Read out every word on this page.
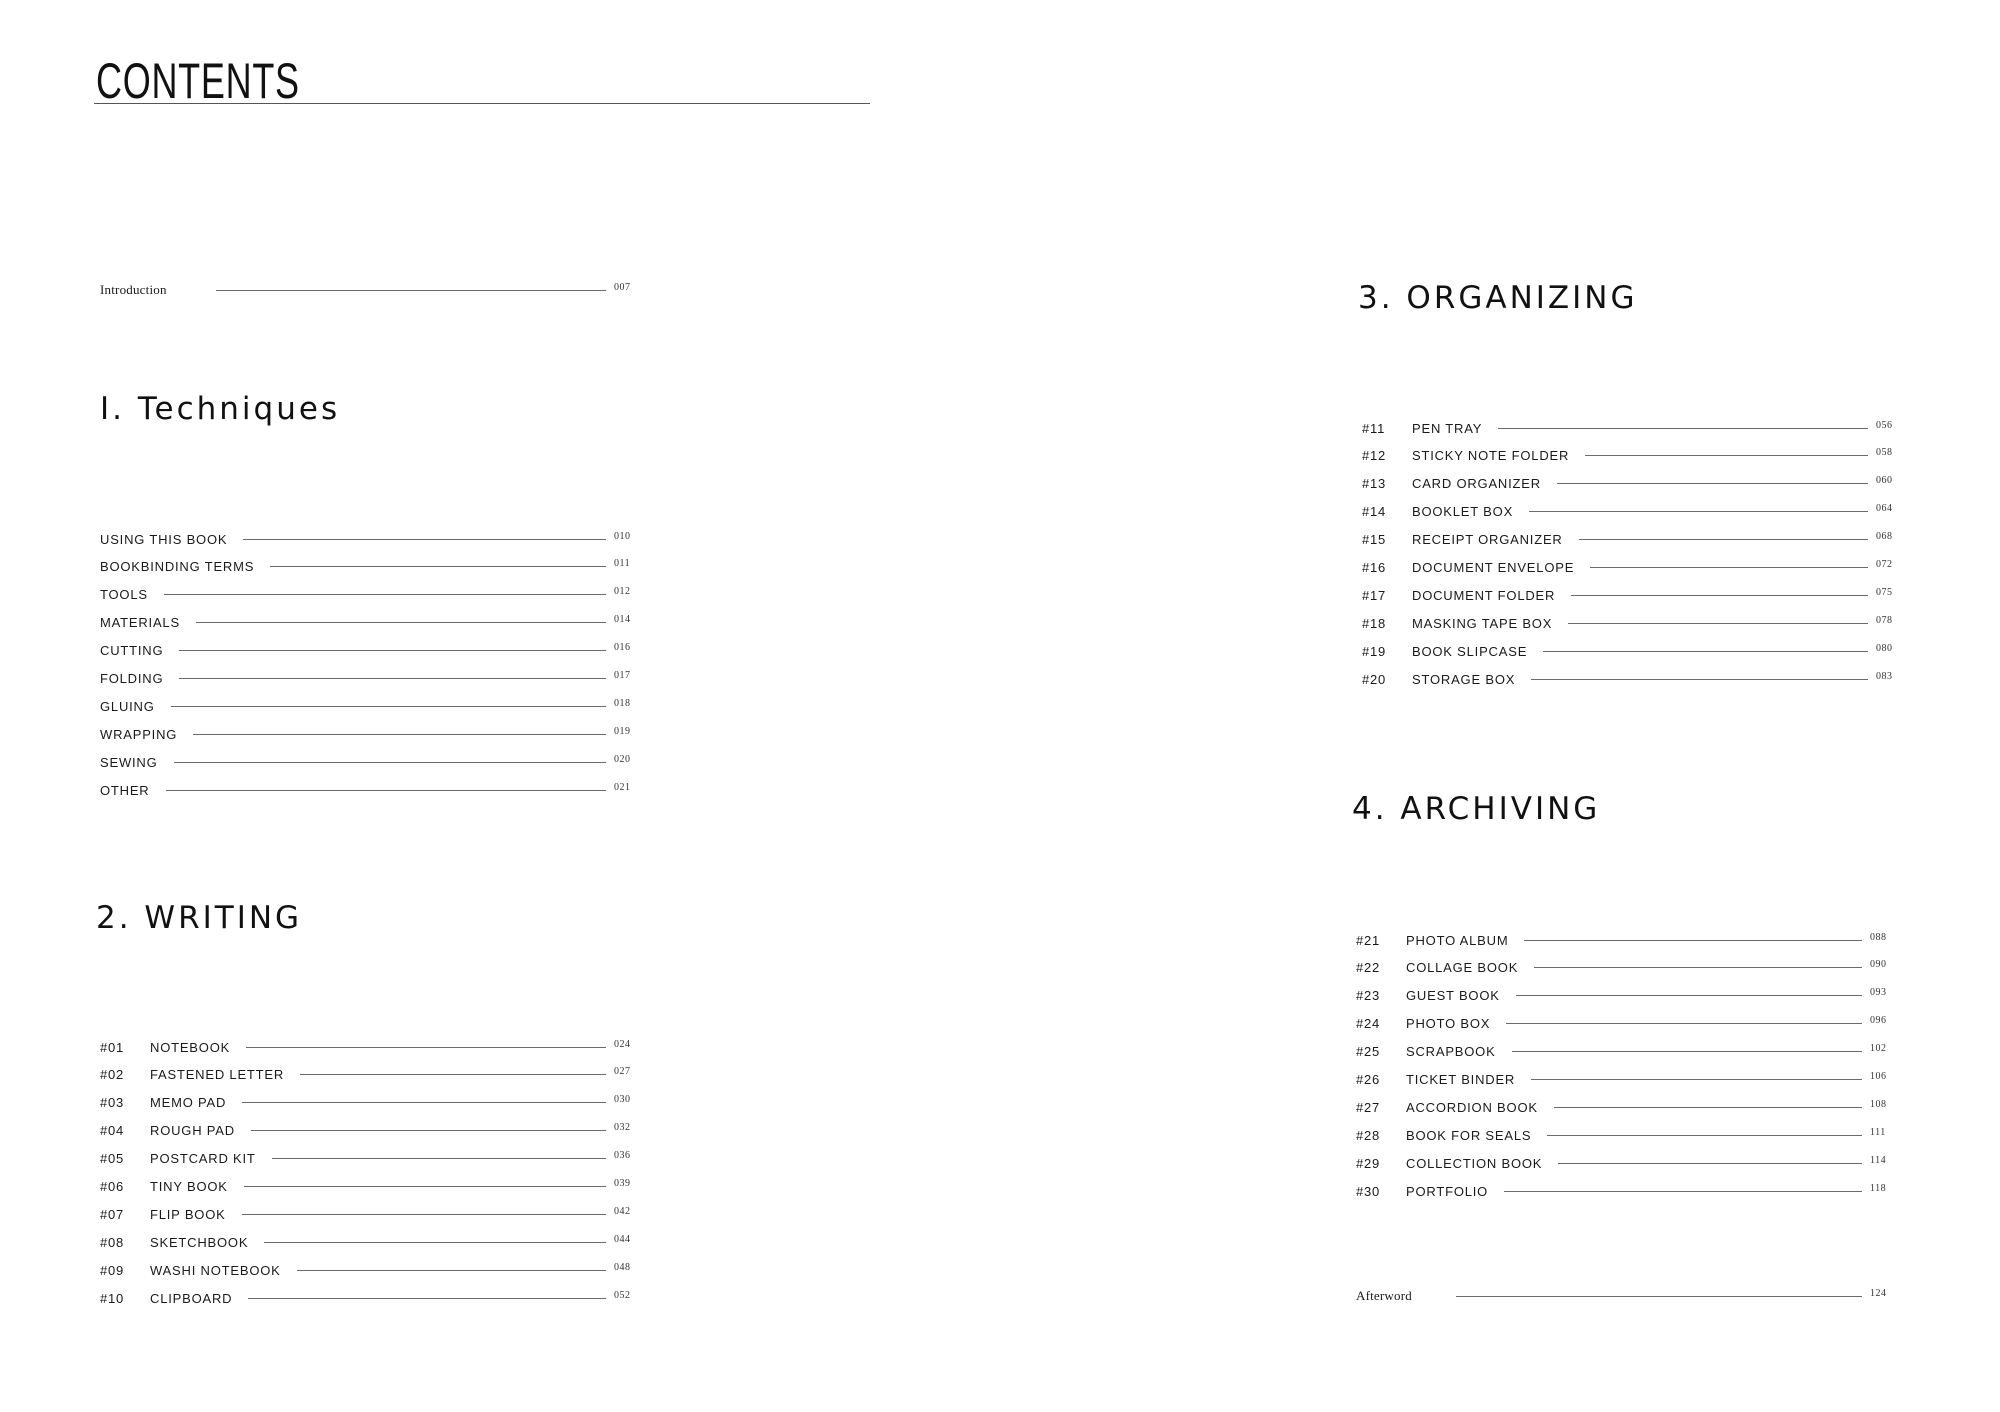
CONTENTS
Introduction	007
I. Techniques
2. WRITING
3. ORGANIZING
4. ARCHIVING
USING THIS BOOK	010
BOOKBINDING TERMS	011
TOOLS	012
MATERIALS	014
CUTTING	016
FOLDING	017
GLUING	018
WRAPPING	019
SEWING	020
OTHER	021
#01	NOTEBOOK	024
#02	FASTENED LETTER	027
#03	MEMO PAD	030
#04	ROUGH PAD	032
#05	POSTCARD KIT	036
#06	TINY BOOK	039
#07	FLIP BOOK	042
#08	SKETCHBOOK	044
#09	WASHI NOTEBOOK	048
#10	CLIPBOARD	052
#11	PEN TRAY	056
#12	STICKY NOTE FOLDER	058
#13	CARD ORGANIZER	060
#14	BOOKLET BOX	064
#15	RECEIPT ORGANIZER	068
#16	DOCUMENT ENVELOPE	072
#17	DOCUMENT FOLDER	075
#18	MASKING TAPE BOX	078
#19	BOOK SLIPCASE	080
#20	STORAGE BOX	083
#21	PHOTO ALBUM	088
#22	COLLAGE BOOK	090
#23	GUEST BOOK	093
#24	PHOTO BOX	096
#25	SCRAPBOOK	102
#26	TICKET BINDER	106
#27	ACCORDION BOOK	108
#28	BOOK FOR SEALS	111
#29	COLLECTION BOOK	114
#30	PORTFOLIO	118
Afterword	124
